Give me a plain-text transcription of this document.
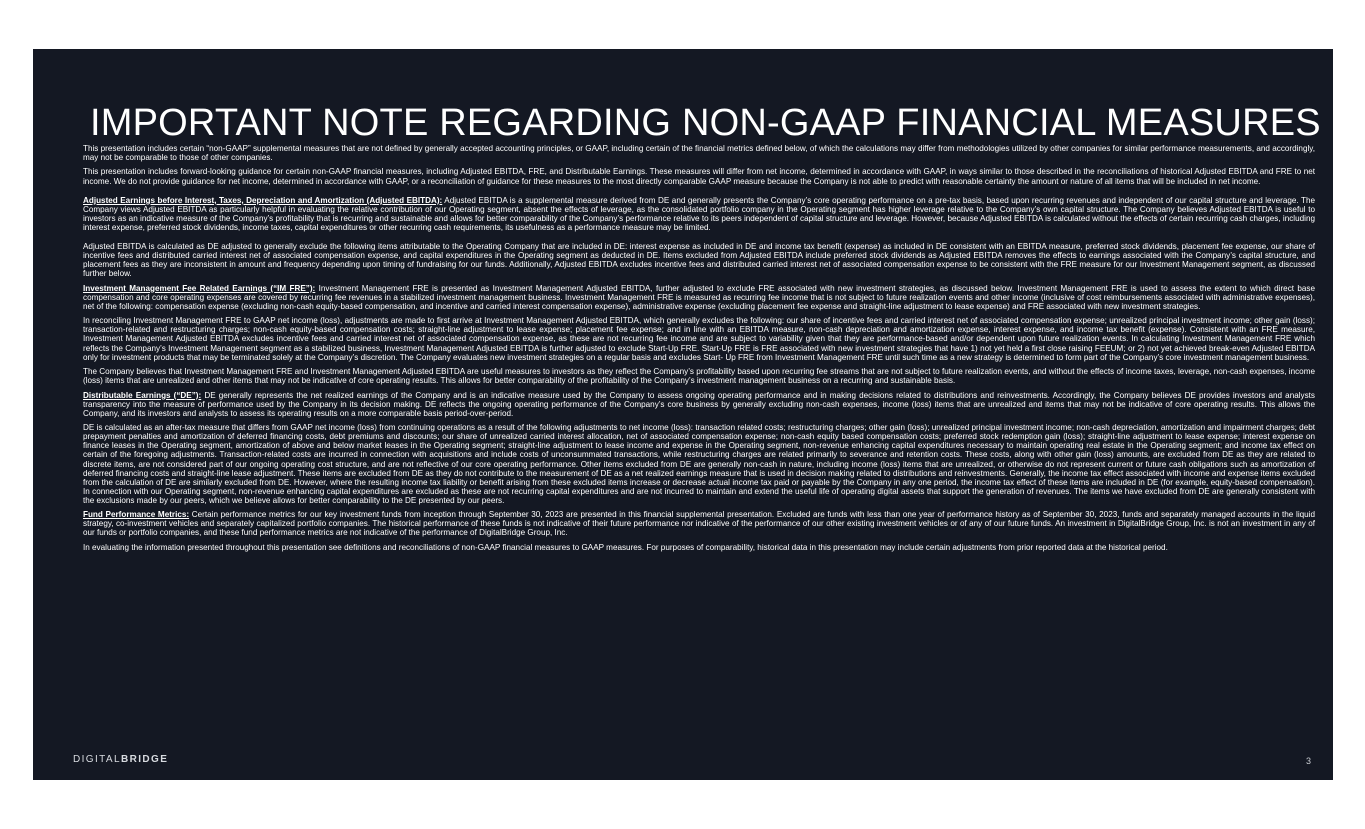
IMPORTANT NOTE REGARDING NON-GAAP FINANCIAL MEASURES

This presentation includes certain “non-GAAP” supplemental measures that are not defined by generally accepted accounting principles, or GAAP, including certain of the financial metrics defined below, of which the calculations may differ from methodologies utilized by other companies for similar performance measurements, and accordingly, may not be comparable to those of other companies.

This presentation includes forward-looking guidance for certain non-GAAP financial measures, including Adjusted EBITDA, FRE, and Distributable Earnings. These measures will differ from net income, determined in accordance with GAAP, in ways similar to those described in the reconciliations of historical Adjusted EBITDA and FRE to net income. We do not provide guidance for net income, determined in accordance with GAAP, or a reconciliation of guidance for these measures to the most directly comparable GAAP measure because the Company is not able to predict with reasonable certainty the amount or nature of all items that will be included in net income.

Adjusted Earnings before Interest, Taxes, Depreciation and Amortization (Adjusted EBITDA): Adjusted EBITDA is a supplemental measure derived from DE and generally presents the Company’s core operating performance on a pre-tax basis, based upon recurring revenues and independent of our capital structure and leverage. The Company views Adjusted EBITDA as particularly helpful in evaluating the relative contribution of our Operating segment, absent the effects of leverage, as the consolidated portfolio company in the Operating segment has higher leverage relative to the Company’s own capital structure. The Company believes Adjusted EBITDA is useful to investors as an indicative measure of the Company’s profitability that is recurring and sustainable and allows for better comparability of the Company’s performance relative to its peers independent of capital structure and leverage. However, because Adjusted EBITDA is calculated without the effects of certain recurring cash charges, including interest expense, preferred stock dividends, income taxes, capital expenditures or other recurring cash requirements, its usefulness as a performance measure may be limited.

Adjusted EBITDA is calculated as DE adjusted to generally exclude the following items attributable to the Operating Company that are included in DE: interest expense as included in DE and income tax benefit (expense) as included in DE consistent with an EBITDA measure, preferred stock dividends, placement fee expense, our share of incentive fees and distributed carried interest net of associated compensation expense, and capital expenditures in the Operating segment as deducted in DE. Items excluded from Adjusted EBITDA include preferred stock dividends as Adjusted EBITDA removes the effects to earnings associated with the Company’s capital structure, and placement fees as they are inconsistent in amount and frequency depending upon timing of fundraising for our funds. Additionally, Adjusted EBITDA excludes incentive fees and distributed carried interest net of associated compensation expense to be consistent with the FRE measure for our Investment Management segment, as discussed further below.

Investment Management Fee Related Earnings (“IM FRE”): Investment Management FRE is presented as Investment Management Adjusted EBITDA, further adjusted to exclude FRE associated with new investment strategies, as discussed below. Investment Management FRE is used to assess the extent to which direct base compensation and core operating expenses are covered by recurring fee revenues in a stabilized investment management business. Investment Management FRE is measured as recurring fee income that is not subject to future realization events and other income (inclusive of cost reimbursements associated with administrative expenses), net of the following: compensation expense (excluding non-cash equity-based compensation, and incentive and carried interest compensation expense), administrative expense (excluding placement fee expense and straight-line adjustment to lease expense) and FRE associated with new investment strategies.

In reconciling Investment Management FRE to GAAP net income (loss), adjustments are made to first arrive at Investment Management Adjusted EBITDA, which generally excludes the following: our share of incentive fees and carried interest net of associated compensation expense; unrealized principal investment income; other gain (loss); transaction-related and restructuring charges; non-cash equity-based compensation costs; straight-line adjustment to lease expense; placement fee expense; and in line with an EBITDA measure, non-cash depreciation and amortization expense, interest expense, and income tax benefit (expense). Consistent with an FRE measure, Investment Management Adjusted EBITDA excludes incentive fees and carried interest net of associated compensation expense, as these are not recurring fee income and are subject to variability given that they are performance-based and/or dependent upon future realization events. In calculating Investment Management FRE which reflects the Company’s Investment Management segment as a stabilized business, Investment Management Adjusted EBITDA is further adjusted to exclude Start-Up FRE. Start-Up FRE is FRE associated with new investment strategies that have 1) not yet held a first close raising FEEUM; or 2) not yet achieved break-even Adjusted EBITDA only for investment products that may be terminated solely at the Company’s discretion. The Company evaluates new investment strategies on a regular basis and excludes Start- Up FRE from Investment Management FRE until such time as a new strategy is determined to form part of the Company’s core investment management business.

The Company believes that Investment Management FRE and Investment Management Adjusted EBITDA are useful measures to investors as they reflect the Company’s profitability based upon recurring fee streams that are not subject to future realization events, and without the effects of income taxes, leverage, non-cash expenses, income (loss) items that are unrealized and other items that may not be indicative of core operating results. This allows for better comparability of the profitability of the Company’s investment management business on a recurring and sustainable basis.

Distributable Earnings (“DE”): DE generally represents the net realized earnings of the Company and is an indicative measure used by the Company to assess ongoing operating performance and in making decisions related to distributions and reinvestments. Accordingly, the Company believes DE provides investors and analysts transparency into the measure of performance used by the Company in its decision making. DE reflects the ongoing operating performance of the Company’s core business by generally excluding non-cash expenses, income (loss) items that are unrealized and items that may not be indicative of core operating results. This allows the Company, and its investors and analysts to assess its operating results on a more comparable basis period-over-period.

DE is calculated as an after-tax measure that differs from GAAP net income (loss) from continuing operations as a result of the following adjustments to net income (loss): transaction related costs; restructuring charges; other gain (loss); unrealized principal investment income; non-cash depreciation, amortization and impairment charges; debt prepayment penalties and amortization of deferred financing costs, debt premiums and discounts; our share of unrealized carried interest allocation, net of associated compensation expense; non-cash equity based compensation costs; preferred stock redemption gain (loss); straight-line adjustment to lease expense; interest expense on finance leases in the Operating segment, amortization of above and below market leases in the Operating segment; straight-line adjustment to lease income and expense in the Operating segment, non-revenue enhancing capital expenditures necessary to maintain operating real estate in the Operating segment; and income tax effect on certain of the foregoing adjustments. Transaction-related costs are incurred in connection with acquisitions and include costs of unconsummated transactions, while restructuring charges are related primarily to severance and retention costs. These costs, along with other gain (loss) amounts, are excluded from DE as they are related to discrete items, are not considered part of our ongoing operating cost structure, and are not reflective of our core operating performance. Other items excluded from DE are generally non-cash in nature, including income (loss) items that are unrealized, or otherwise do not represent current or future cash obligations such as amortization of deferred financing costs and straight-line lease adjustment. These items are excluded from DE as they do not contribute to the measurement of DE as a net realized earnings measure that is used in decision making related to distributions and reinvestments. Generally, the income tax effect associated with income and expense items excluded from the calculation of DE are similarly excluded from DE. However, where the resulting income tax liability or benefit arising from these excluded items increase or decrease actual income tax paid or payable by the Company in any one period, the income tax effect of these items are included in DE (for example, equity-based compensation). In connection with our Operating segment, non-revenue enhancing capital expenditures are excluded as these are not recurring capital expenditures and are not incurred to maintain and extend the useful life of operating digital assets that support the generation of revenues. The items we have excluded from DE are generally consistent with the exclusions made by our peers, which we believe allows for better comparability to the DE presented by our peers.

Fund Performance Metrics: Certain performance metrics for our key investment funds from inception through September 30, 2023 are presented in this financial supplemental presentation. Excluded are funds with less than one year of performance history as of September 30, 2023, funds and separately managed accounts in the liquid strategy, co-investment vehicles and separately capitalized portfolio companies. The historical performance of these funds is not indicative of their future performance nor indicative of the performance of our other existing investment vehicles or of any of our future funds. An investment in DigitalBridge Group, Inc. is not an investment in any of our funds or portfolio companies, and these fund performance metrics are not indicative of the performance of DigitalBridge Group, Inc.

In evaluating the information presented throughout this presentation see definitions and reconciliations of non-GAAP financial measures to GAAP measures. For purposes of comparability, historical data in this presentation may include certain adjustments from prior reported data at the historical period.

DIGITALBRIDGE	3
